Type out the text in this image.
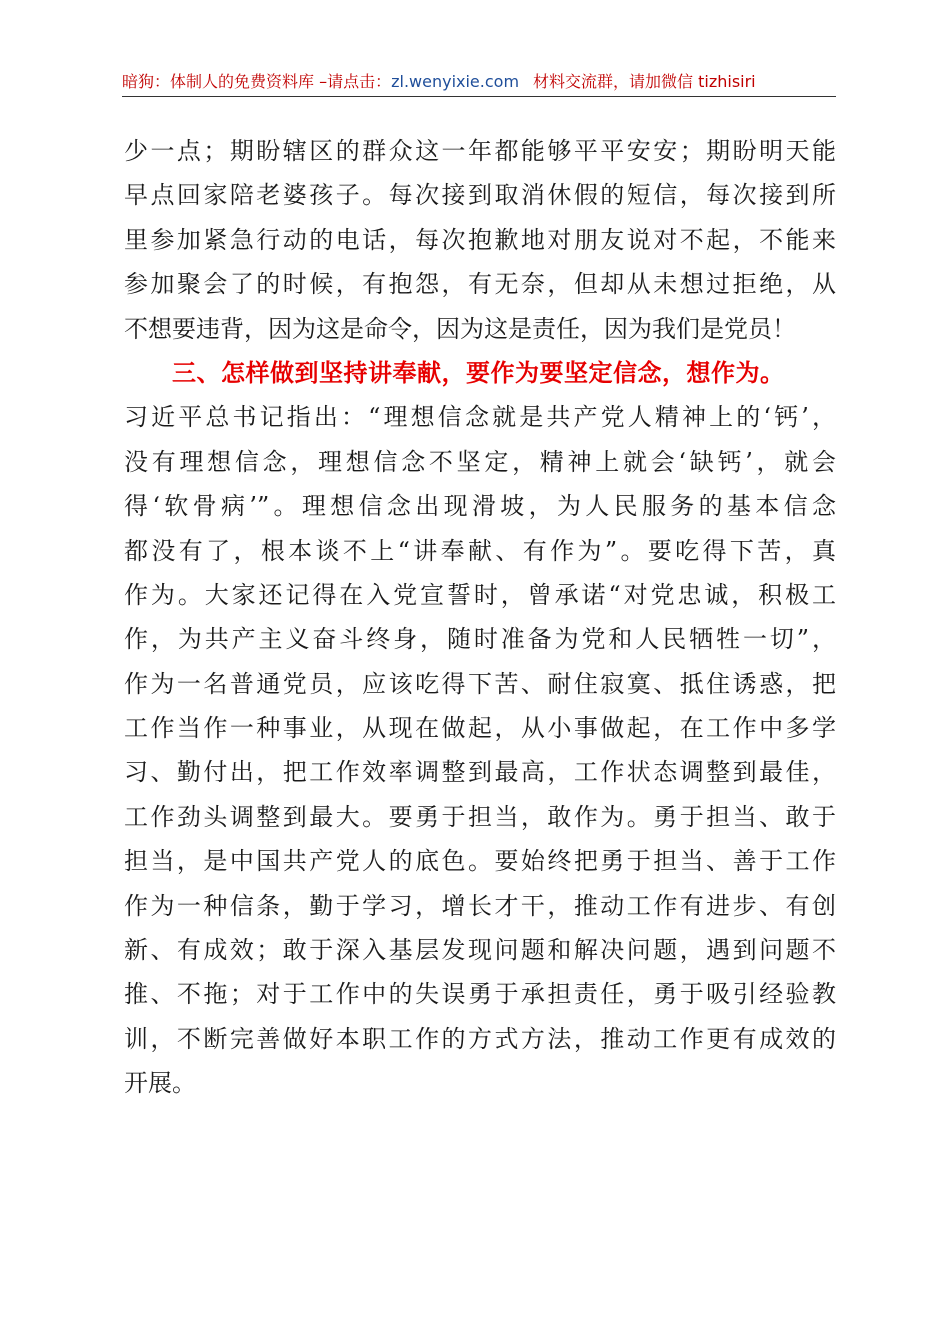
暗狗：体制人的免费资料库 –请点击：zl.wenyixie.com 材料交流群，请加微信 tizhisiri
少一点；期盼辖区的群众这一年都能够平平安安；期盼明天能
早点回家陪老婆孩子。每次接到取消休假的短信，每次接到所
里参加紧急行动的电话，每次抱歉地对朋友说对不起，不能来
参加聚会了的时候，有抱怨，有无奈，但却从未想过拒绝，从
不想要违背，因为这是命令，因为这是责任，因为我们是党员！
三、怎样做到坚持讲奉献，要作为要坚定信念，想作为。
习近平总书记指出：“理想信念就是共产党人精神上的‘钙’，
没有理想信念，理想信念不坚定，精神上就会‘缺钙’，就会
得‘软骨病’”。理想信念出现滑坡，为人民服务的基本信念
都没有了，根本谈不上“讲奉献、有作为”。要吃得下苦，真
作为。大家还记得在入党宣誓时，曾承诺“对党忠诚，积极工
作，为共产主义奋斗终身，随时准备为党和人民牺牲一切”，
作为一名普通党员，应该吃得下苦、耐住寂寞、抵住诱惑，把
工作当作一种事业，从现在做起，从小事做起，在工作中多学
习、勤付出，把工作效率调整到最高，工作状态调整到最佳，
工作劲头调整到最大。要勇于担当，敢作为。勇于担当、敢于
担当，是中国共产党人的底色。要始终把勇于担当、善于工作
作为一种信条，勤于学习，增长才干，推动工作有进步、有创
新、有成效；敢于深入基层发现问题和解决问题，遇到问题不
推、不拖；对于工作中的失误勇于承担责任，勇于吸引经验教
训，不断完善做好本职工作的方式方法，推动工作更有成效的
开展。
